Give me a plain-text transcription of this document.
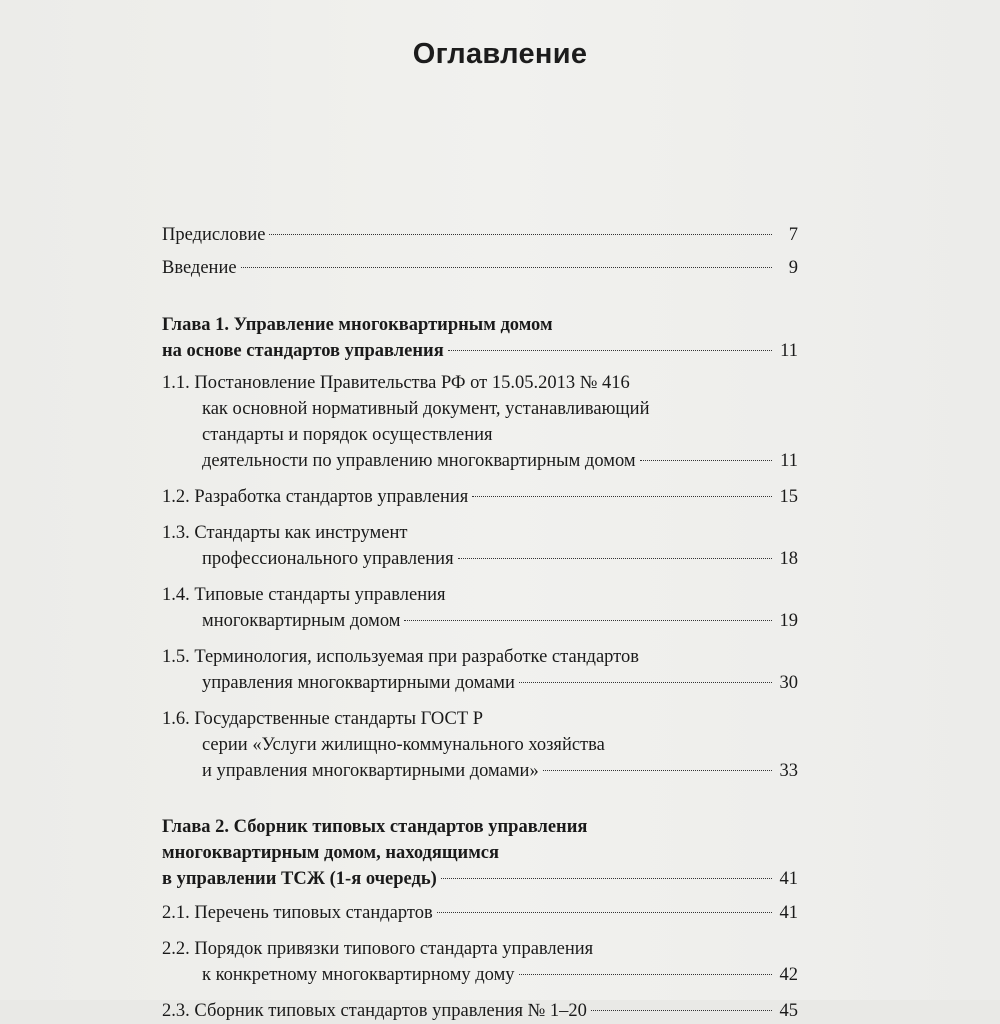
Оглавление
Предисловие	7
Введение	9
Глава 1. Управление многоквартирным домом
на основе стандартов управления	11
1.1. Постановление Правительства РФ от 15.05.2013 № 416
как основной нормативный документ, устанавливающий
стандарты и порядок осуществления
деятельности по управлению многоквартирным домом	11
1.2. Разработка стандартов управления	15
1.3. Стандарты как инструмент
профессионального управления	18
1.4. Типовые стандарты управления
многоквартирным домом	19
1.5. Терминология, используемая при разработке стандартов
управления многоквартирными домами	30
1.6. Государственные стандарты ГОСТ Р
серии «Услуги жилищно-коммунального хозяйства
и управления многоквартирными домами»	33
Глава 2. Сборник типовых стандартов управления
многоквартирным домом, находящимся
в управлении ТСЖ (1-я очередь)	41
2.1. Перечень типовых стандартов	41
2.2. Порядок привязки типового стандарта управления
к конкретному многоквартирному дому	42
2.3. Сборник типовых стандартов управления № 1–20	45
